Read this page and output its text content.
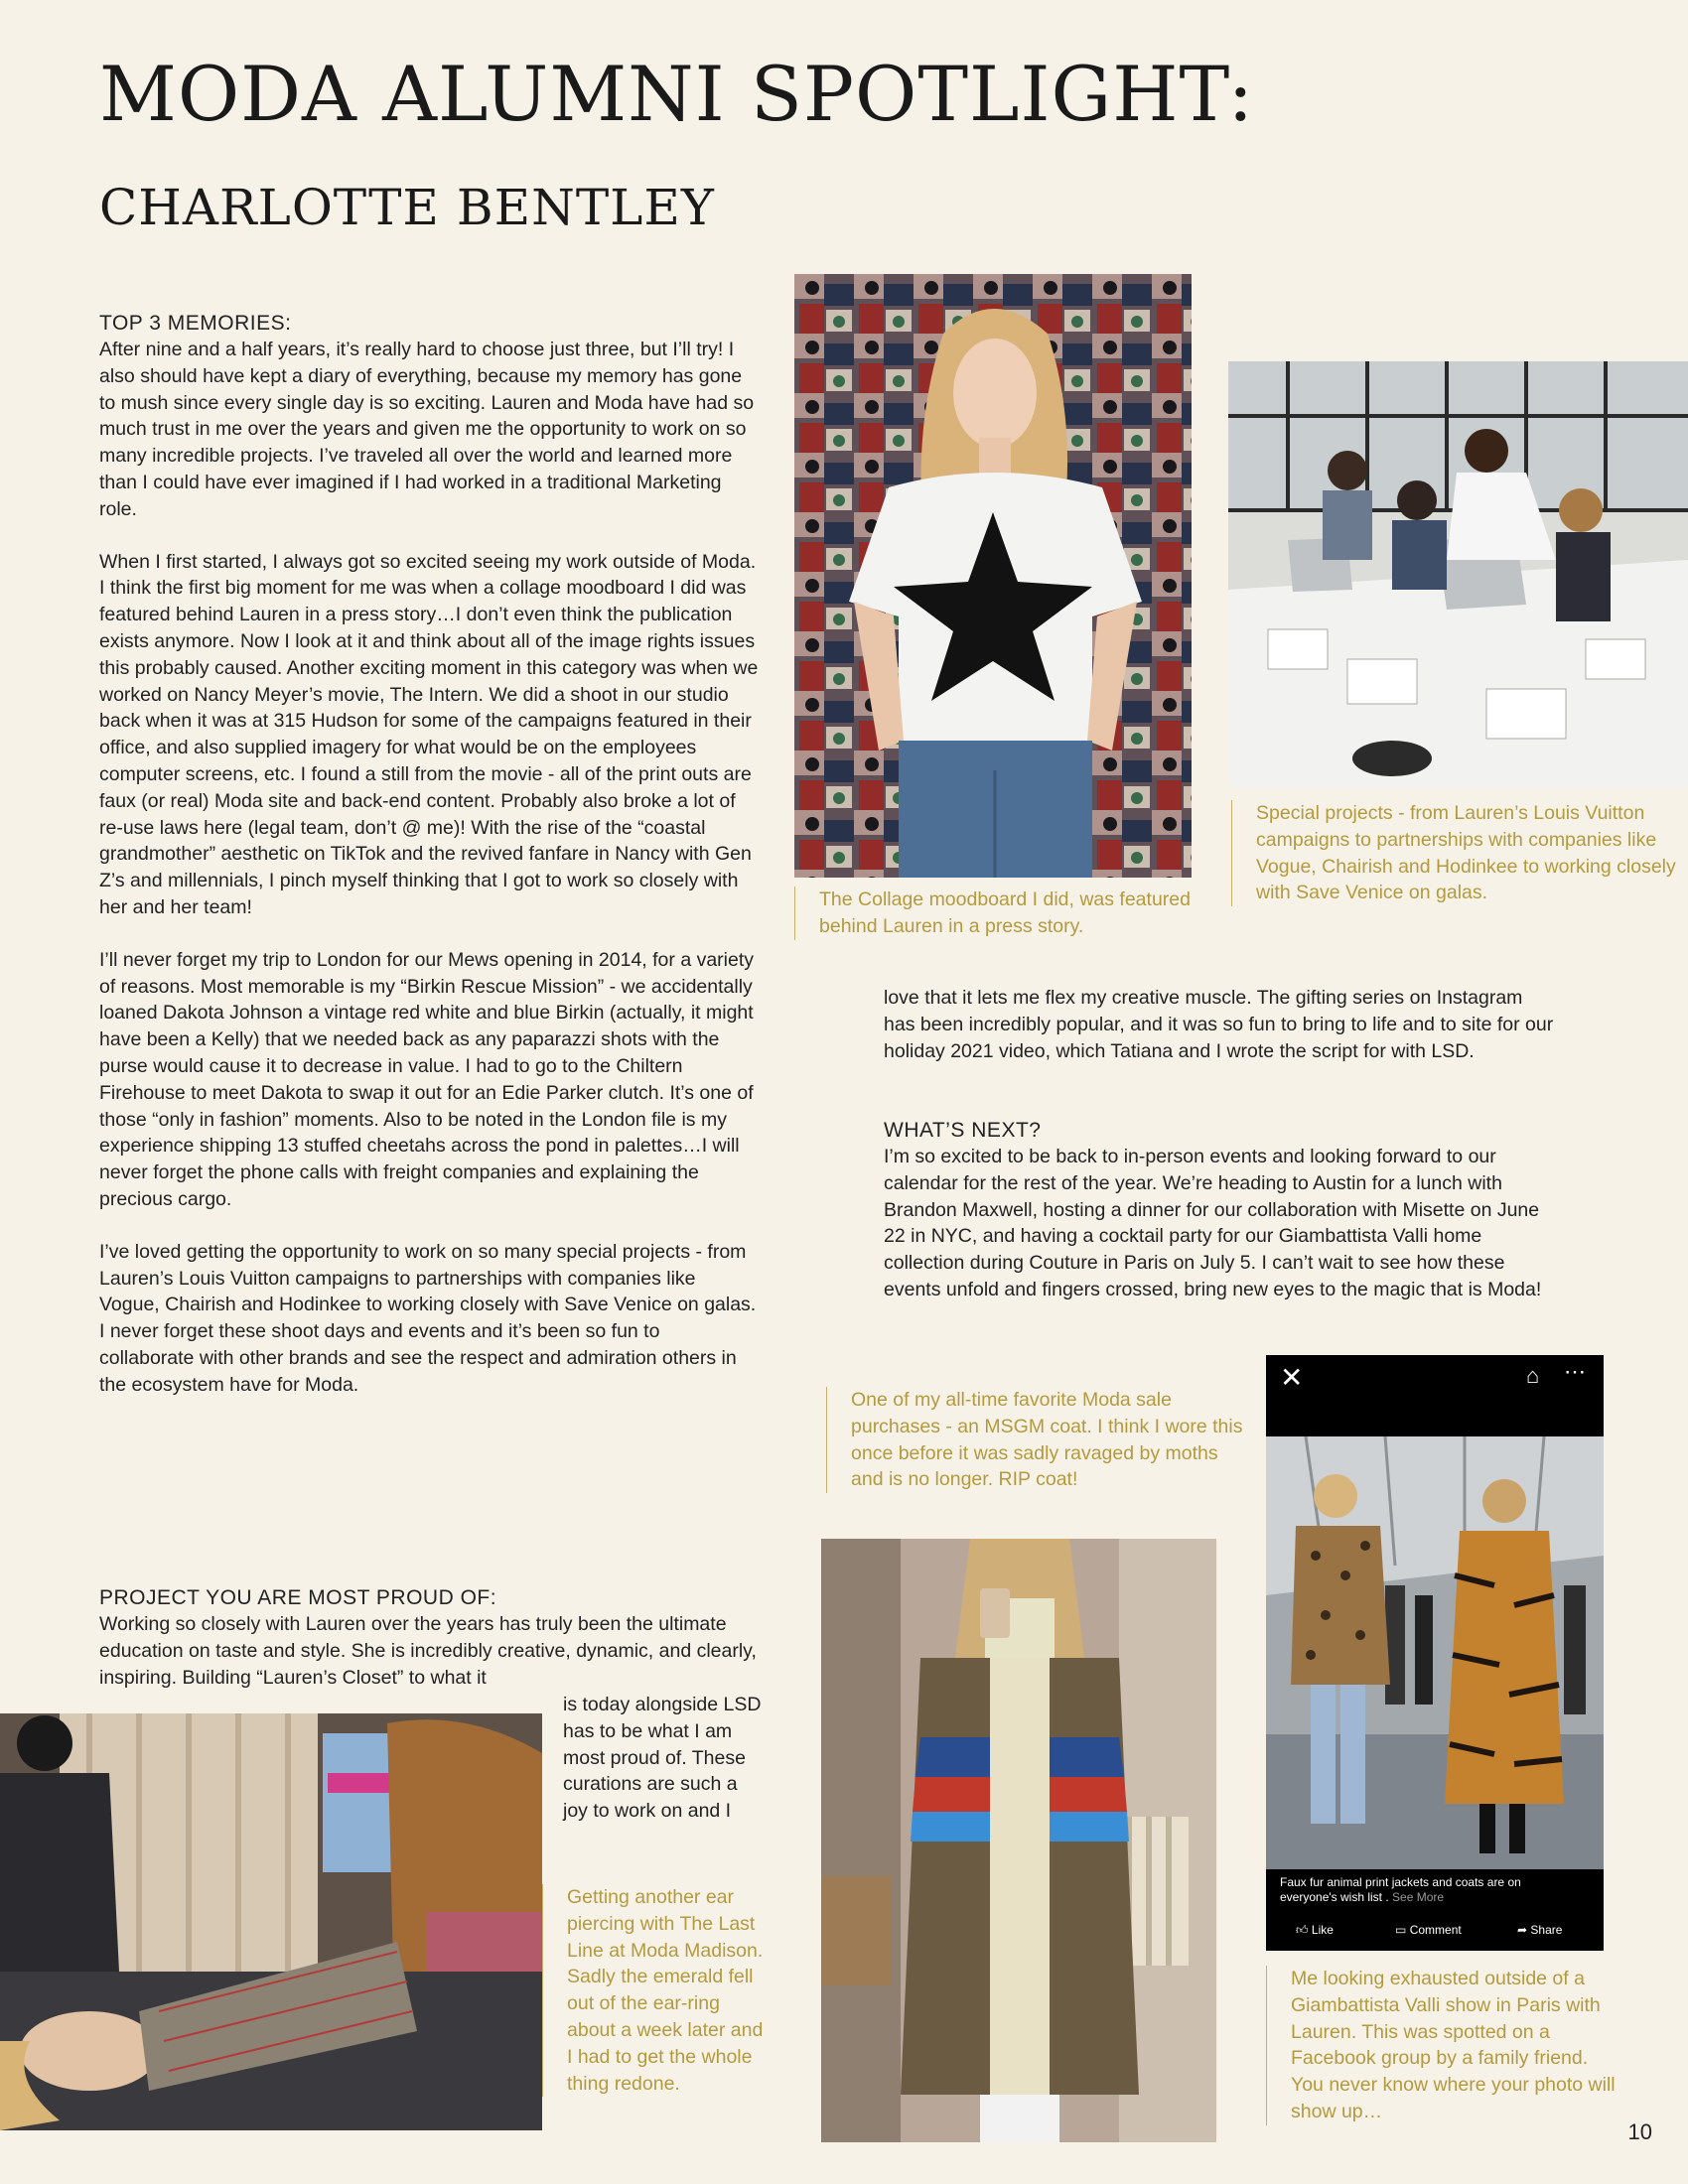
MODA ALUMNI SPOTLIGHT:
CHARLOTTE BENTLEY
TOP 3 MEMORIES:

After nine and a half years, it’s really hard to choose just three, but I’ll try! I also should have kept a diary of everything, because my memory has gone to mush since every single day is so exciting. Lauren and Moda have had so much trust in me over the years and given me the opportunity to work on so many incredible projects. I’ve traveled all over the world and learned more than I could have ever imagined if I had worked in a traditional Marketing role.

When I first started, I always got so excited seeing my work outside of Moda. I think the first big moment for me was when a collage moodboard I did was featured behind Lauren in a press story…I don’t even think the publication exists anymore. Now I look at it and think about all of the image rights issues this probably caused. Another exciting moment in this category was when we worked on Nancy Meyer’s movie, The Intern. We did a shoot in our studio back when it was at 315 Hudson for some of the campaigns featured in their office, and also supplied imagery for what would be on the employees computer screens, etc. I found a still from the movie - all of the print outs are faux (or real) Moda site and back-end content. Probably also broke a lot of re-use laws here (legal team, don’t @ me)! With the rise of the “coastal grandmother” aesthetic on TikTok and the revived fanfare in Nancy with Gen Z’s and millennials, I pinch myself thinking that I got to work so closely with her and her team!

I’ll never forget my trip to London for our Mews opening in 2014, for a variety of reasons. Most memorable is my “Birkin Rescue Mission” - we accidentally loaned Dakota Johnson a vintage red white and blue Birkin (actually, it might have been a Kelly) that we needed back as any paparazzi shots with the purse would cause it to decrease in value. I had to go to the Chiltern Firehouse to meet Dakota to swap it out for an Edie Parker clutch. It’s one of those “only in fashion” moments. Also to be noted in the London file is my experience shipping 13 stuffed cheetahs across the pond in palettes…I will never forget the phone calls with freight companies and explaining the precious cargo.

I’ve loved getting the opportunity to work on so many special projects - from Lauren’s Louis Vuitton campaigns to partnerships with companies like Vogue, Chairish and Hodinkee to working closely with Save Venice on galas. I never forget these shoot days and events and it’s been so fun to collaborate with other brands and see the respect and admiration others in the ecosystem have for Moda.

PROJECT YOU ARE MOST PROUD OF:
Working so closely with Lauren over the years has truly been the ultimate education on taste and style. She is incredibly creative, dynamic, and clearly, inspiring. Building “Lauren’s Closet” to what it
is today alongside LSD has to be what I am most proud of. These curations are such a joy to work on and I
The Collage moodboard I did, was featured behind Lauren in a press story.
Special projects - from Lauren’s Louis Vuitton campaigns to partnerships with companies like Vogue, Chairish and Hodinkee to working closely with Save Venice on galas.
love that it lets me flex my creative muscle. The gifting series on Instagram has been incredibly popular, and it was so fun to bring to life and to site for our holiday 2021 video, which Tatiana and I wrote the script for with LSD.
WHAT’S NEXT?
I’m so excited to be back to in-person events and looking forward to our calendar for the rest of the year. We’re heading to Austin for a lunch with Brandon Maxwell, hosting a dinner for our collaboration with Misette on June 22 in NYC, and having a cocktail party for our Giambattista Valli home collection during Couture in Paris on July 5. I can’t wait to see how these events unfold and fingers crossed, bring new eyes to the magic that is Moda!
One of my all-time favorite Moda sale purchases - an MSGM coat. I think I wore this once before it was sadly ravaged by moths and is no longer. RIP coat!
✕	⌂ ⋯
Faux fur animal print jackets and coats are on everyone's wish list . See More
👍︎ Like	▭ Comment	➦ Share
Me looking exhausted outside of a Giambattista Valli show in Paris with Lauren. This was spotted on a Facebook group by a family friend. You never know where your photo will show up…
Getting another ear piercing with The Last Line at Moda Madison. Sadly the emerald fell out of the ear-ring about a week later and I had to get the whole thing redone.
10
